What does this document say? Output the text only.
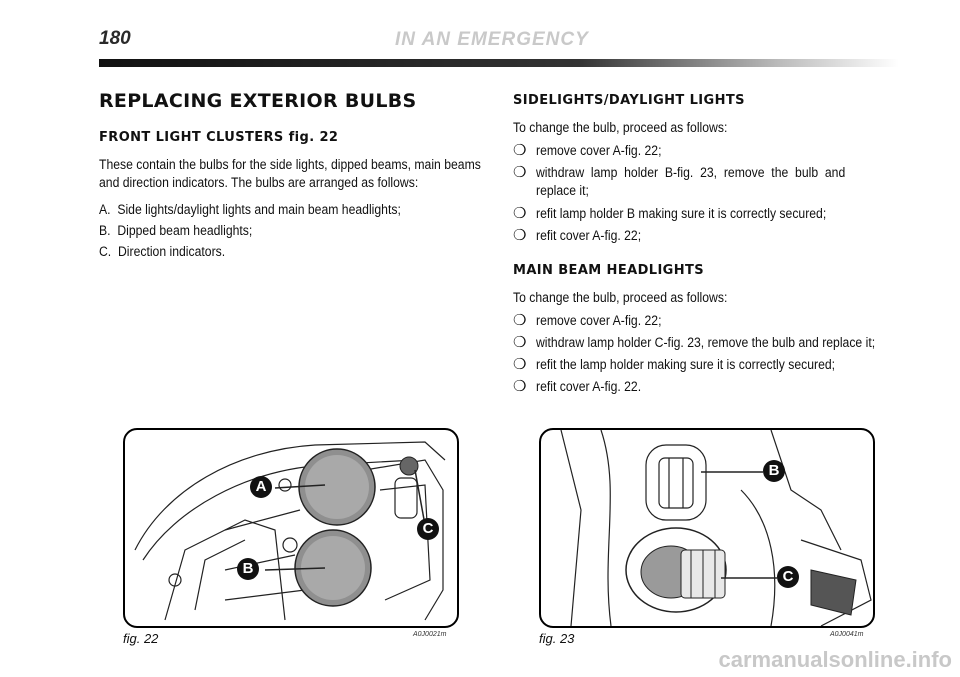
180	IN AN EMERGENCY
REPLACING EXTERIOR BULBS
FRONT LIGHT CLUSTERS fig. 22
These contain the bulbs for the side lights, dipped beams, main beams
and direction indicators. The bulbs are arranged as follows:
A. Side lights/daylight lights and main beam headlights;
B. Dipped beam headlights;
C. Direction indicators.
SIDELIGHTS/DAYLIGHT LIGHTS
To change the bulb, proceed as follows:
❍ remove cover A-fig. 22;
❍ withdraw  lamp  holder  B-fig.  23,  remove  the  bulb  and
replace it;
❍ refit lamp holder B making sure it is correctly secured;
❍ refit cover A-fig. 22;
MAIN BEAM HEADLIGHTS
To change the bulb, proceed as follows:
❍ remove cover A-fig. 22;
❍ withdraw lamp holder C-fig. 23, remove the bulb and replace it;
❍ refit the lamp holder making sure it is correctly secured;
❍ refit cover A-fig. 22.
A
B
C
fig. 22	A0J0021m
B
C
fig. 23	A0J0041m
carmanualsonline.info
